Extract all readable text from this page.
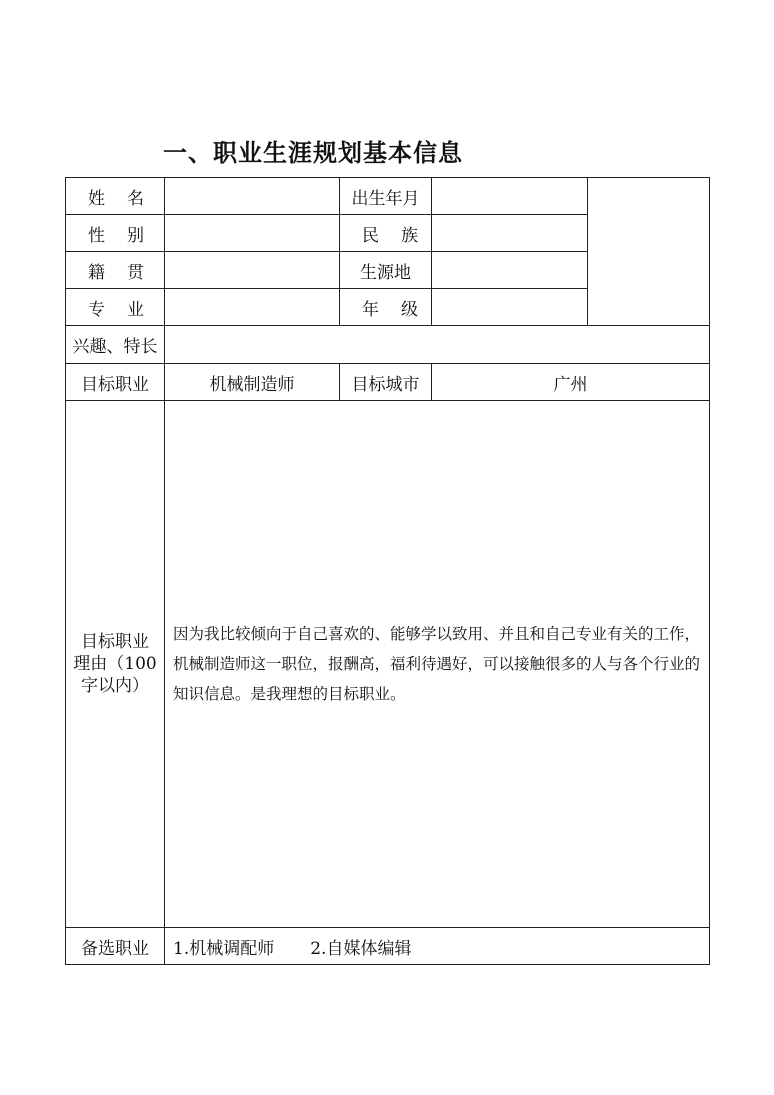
一、职业生涯规划基本信息
姓名		出生年月		
性别		民族		
籍贯		生源地		
专业		年级		
兴趣、特长				
目标职业	机械制造师	目标城市	广州	

目标职业
理由（100
字以内）	因为我比较倾向于自己喜欢的、能够学以致用、并且和自己专业有关的工作，机械制造师这一职位，报酬高，福利待遇好，可以接触很多的人与各个行业的知识信息。是我理想的目标职业。			
备选职业	1.机械调配师 2.自媒体编辑			
